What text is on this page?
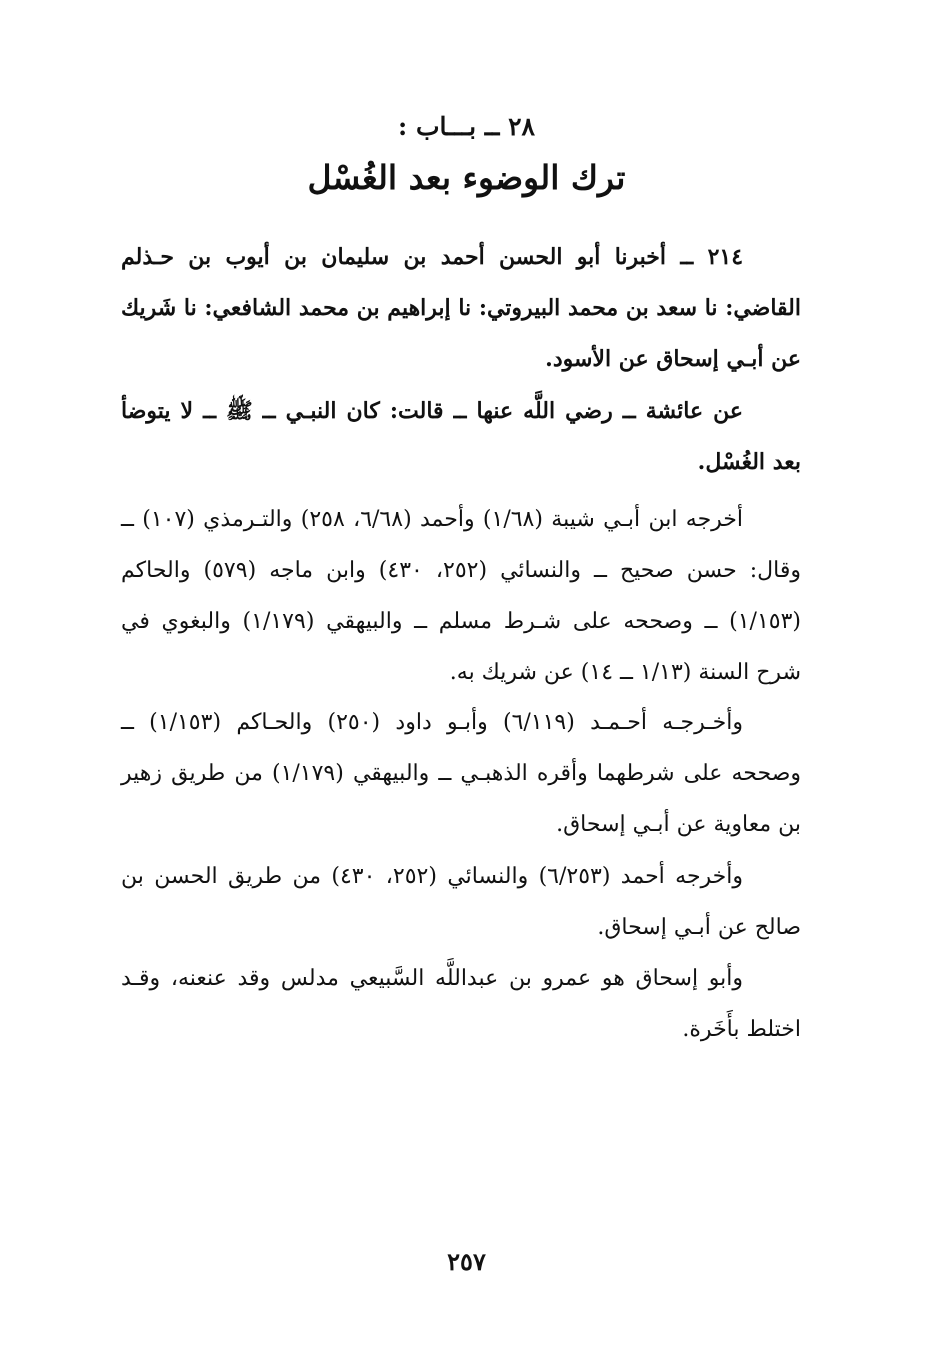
٢٨ ــ بـــاب :
ترك الوضوء بعد الغُسْل

٢١٤ ــ أخبرنا أبو الحسن أحمد بن سليمان بن أيوب بن حـذلم القاضي: نا سعد بن محمد البيروتي: نا إبراهيم بن محمد الشافعي: نا شَريك عن أبـي إسحاق عن الأسود.

عن عائشة ــ رضي اللَّه عنها ــ قالت: كان النبـي ــ ﷺ ــ لا يتوضأ بعد الغُسْل.

أخرجه ابن أبـي شيبة (١/٦٨) وأحمد (٦/٦٨، ٢٥٨) والتـرمذي (١٠٧) ــ وقال: حسن صحيح ــ والنسائي (٢٥٢، ٤٣٠) وابن ماجه (٥٧٩) والحاكم (١/١٥٣) ــ وصححه على شـرط مسلم ــ والبيهقي (١/١٧٩) والبغوي في شرح السنة (١/١٣ ــ ١٤) عن شريك به.

وأخـرجـه أحـمـد (٦/١١٩) وأبـو داود (٢٥٠) والحـاكم (١/١٥٣) ــ وصححه على شرطهما وأقره الذهبـي ــ والبيهقي (١/١٧٩) من طريق زهير بن معاوية عن أبـي إسحاق.

وأخرجه أحمد (٦/٢٥٣) والنسائي (٢٥٢، ٤٣٠) من طريق الحسن بن صالح عن أبـي إسحاق.

وأبو إسحاق هو عمرو بن عبداللَّه السَّبيعي مدلس وقد عنعنه، وقـد اختلط بأَخَرة.

٢٥٧
